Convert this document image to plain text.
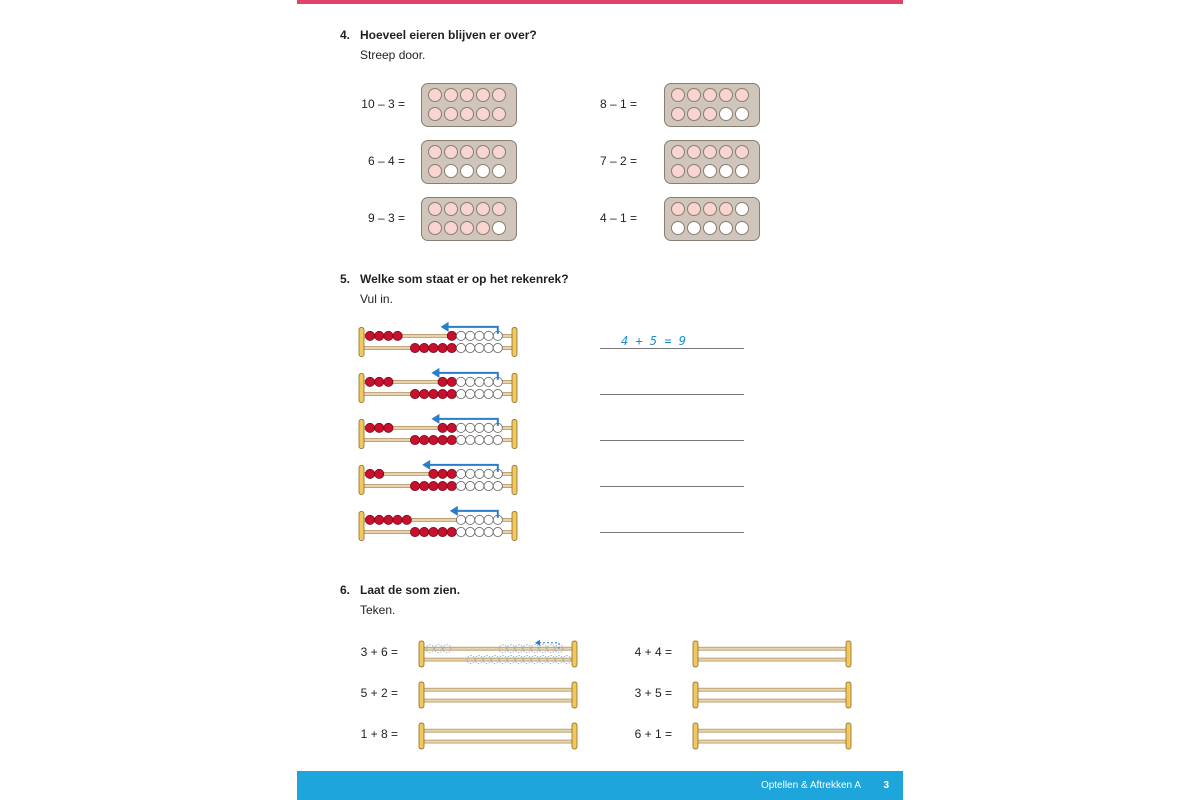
4. Hoeveel eieren blijven er over?
Streep door.
10 – 3 =	8 – 1 =
6 – 4 =	7 – 2 =
9 – 3 =	4 – 1 =
5. Welke som staat er op het rekenrek?
Vul in.
4 + 5 = 9
6. Laat de som zien.
Teken.
3 + 6 =	4 + 4 =
5 + 2 =	3 + 5 =
1 + 8 =	6 + 1 =
Optellen & Aftrekken A 3
